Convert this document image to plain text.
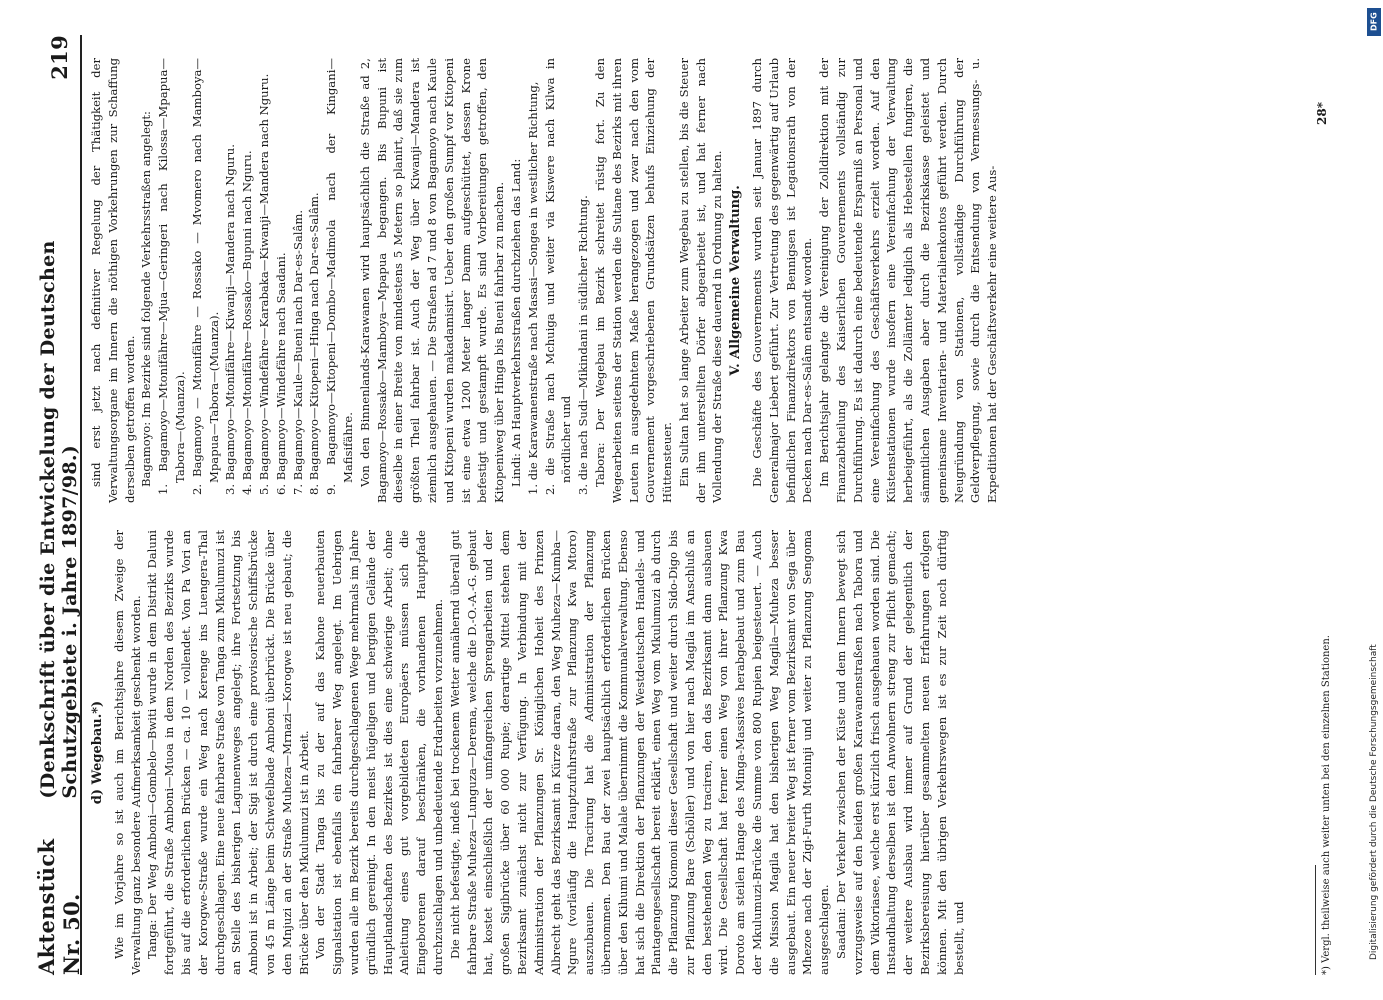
Aktenstück Nr. 50.
(Denkschrift über die Entwickelung der Deutschen Schutzgebiete i. Jahre 1897/98.)
219
d) Wegebau.*) Wie im Vorjahre so ist auch im Berichtsjahre diesem Zweige der Verwaltung ganz besondere Aufmerksamkeit geschenkt worden. Tanga: Der Weg Amboni—Gombelo—Bwiti wurde in dem Distrikt Daluni fortgeführt, die Straße Amboni—Muoa in dem Norden des Bezirks wurde bis auf die erforderlichen Brücken — ca. 10 — vollendet. Von Pa Vori an der Korogwe-Straße wurde ein Weg nach Kerenge ins Luengera-Thal durchgeschlagen. Eine neue fahrbare Straße von Tanga zum Mkulumuzi ist an Stelle des bisherigen Lagunenweges angelegt; ihre Fortsetzung bis Amboni ist in Arbeit; der Sigi ist durch eine provisorische Schiffsbrücke von 45 m Länge beim Schwefelbade Amboni überbrückt. Die Brücke über den Mnjuzi an der Straße Muheza—Mrnazi—Korogwe ist neu gebaut; die Brücke über den Mkulumuzi ist in Arbeit. Von der Stadt Tanga bis zu der auf das Kahone neuerbauten Signalstation ist ebenfalls ein fahrbarer Weg angelegt. Im Uebrigen wurden alle im Bezirk bereits durchgeschlagenen Wege mehrmals im Jahre gründlich gereinigt. In den meist hügeligen und bergigen Gelände der Hauptlandschaften des Bezirkes ist dies eine schwierige Arbeit; ohne Anleitung eines gut vorgebildeten Europäers müssen sich die Eingeborenen darauf beschränken, die vorhandenen Hauptpfade durchzuschlagen und unbedeutende Erdarbeiten vorzunehmen. Die nicht befestigte, indeß bei trockenem Wetter annähernd überall gut fahrbare Straße Muheza—Lunguza—Derema, welche die D.-O.-A.-G. gebaut hat, kostet einschließlich der umfangreichen Sprengarbeiten und der großen Sigibrücke über 60 000 Rupie; derartige Mittel stehen dem Bezirksamt zunächst nicht zur Verfügung. In Verbindung mit der Administration der Pflanzungen Sr. Königlichen Hoheit des Prinzen Albrecht geht das Bezirksamt in Kürze daran, den Weg Muheza—Kumba—Ngure (vorläufig die Hauptzufuhrstraße zur Pflanzung Kwa Mtoro) auszubauen. Die Tracirung hat die Administration der Pflanzung übernommen. Den Bau der zwei hauptsächlich erforderlichen Brücken über den Kihumi und Malale übernimmt die Kommunalverwaltung. Ebenso hat sich die Direktion der Pflanzungen der Westdeutschen Handels- und Plantagengesellschaft bereit erklärt, einen Weg vom Mkulumuzi ab durch die Pflanzung Kiomoni dieser Gesellschaft und weiter durch Sido-Digo bis zur Pflanzung Bare (Schöller) und von hier nach Magila im Anschluß an den bestehenden Weg zu traciren, den das Bezirksamt dann ausbauen wird. Die Gesellschaft hat ferner einen Weg von ihrer Pflanzung Kwa Doroto am steilen Hange des Minga-Massives herabgebaut und zum Bau der Mkulumuzi-Brücke die Summe von 800 Rupien beigesteuert. — Auch die Mission Magila hat den bisherigen Weg Magila—Muheza besser ausgebaut. Ein neuer breiter Weg ist ferner vom Bezirksamt von Sega über Mhezoe nach der Zigi-Furth Mtoninji und weiter zu Pflanzung Sengoma ausgeschlagen. Saadani: Der Verkehr zwischen der Küste und dem Innern bewegt sich vorzugsweise auf den beiden großen Karawanenstraßen nach Tabora und dem Viktoriasee, welche erst kürzlich frisch ausgehauen worden sind. Die Instandhaltung derselben ist den Anwohnern streng zur Pflicht gemacht; der weitere Ausbau wird immer auf Grund der gelegentlich der Bezirksbereisung hierüber gesammelten neuen Erfahrungen erfolgen können. Mit den übrigen Verkehrswegen ist es zur Zeit noch dürftig bestellt, und

sind erst jetzt nach definitiver Regelung der Thätigkeit der Verwaltungsorgane im Innern die nöthigen Vorkehrungen zur Schaffung derselben getroffen worden. Bagamoyo: Im Bezirke sind folgende Verkehrsstraßen angelegt: 1. Bagamoyo—Mtonifähre—Mjua—Geringeri nach Kilossa—Mpapua—Tabora—(Muanza). 2. Bagamoyo — Mtonifähre — Rossako — Mvomero nach Mamboya—Mpapua—Tabora—(Muanza). 3. Bagamoyo—Mtonifähre—Kiwanji—Mandera nach Nguru. 4. Bagamoyo—Mtonifähre—Rossako—Bupuni nach Nguru. 5. Bagamoyo—Windefähre—Karabaka—Kiwanji—Mandera nach Nguru. 6. Bagamoyo—Windefähre nach Saadani. 7. Bagamoyo—Kaule—Bueni nach Dar-es-Salâm. 8. Bagamoyo—Kitopeni—Hinga nach Dar-es-Salâm. 9. Bagamoyo—Kitopeni—Dombo—Madimola nach der Kingani—Mafisifähre. Von den Binnenlands-Karawanen wird hauptsächlich die Straße ad 2, Bagamoyo—Rossako—Mamboya—Mpapua begangen. Bis Bupuni ist dieselbe in einer Breite von mindestens 5 Metern so planirt, daß sie zum größten Theil fahrbar ist. Auch der Weg über Kiwanji—Mandera ist ziemlich ausgehauen. — Die Straßen ad 7 und 8 von Bagamoyo nach Kaule und Kitopeni wurden makadamisirt. Ueber den großen Sumpf vor Kitopeni ist eine etwa 1200 Meter langer Damm aufgeschüttet, dessen Krone befestigt und gestampft wurde. Es sind Vorbereitungen getroffen, den Kitopeniweg über Hinga bis Bueni fahrbar zu machen. Lindi: An Hauptverkehrsstraßen durchziehen das Land: 1. die Karawanenstraße nach Masasi—Songea in westlicher Richtung, 2. die Straße nach Mchuiga und weiter via Kiswere nach Kilwa in nördlicher und 3. die nach Sudi—Mikindani in südlicher Richtung. Tabora: Der Wegebau im Bezirk schreitet rüstig fort. Zu den Wegearbeiten seitens der Station werden die Sultane des Bezirks mit ihren Leuten in ausgedehntem Maße herangezogen und zwar nach den vom Gouvernement vorgeschriebenen Grundsätzen behufs Einziehung der Hüttensteuer. Ein Sultan hat so lange Arbeiter zum Wegebau zu stellen, bis die Steuer der ihm unterstellten Dörfer abgearbeitet ist, und hat ferner nach Vollendung der Straße diese dauernd in Ordnung zu halten. V. Allgemeine Verwaltung. Die Geschäfte des Gouvernements wurden seit Januar 1897 durch Generalmajor Liebert geführt. Zur Vertretung des gegenwärtig auf Urlaub befindlichen Finanzdirektors von Bennigsen ist Legationsrath von der Decken nach Dar-es-Salâm entsandt worden. Im Berichtsjahr gelangte die Vereinigung der Zolldirektion mit der Finanzabtheilung des Kaiserlichen Gouvernements vollständig zur Durchführung. Es ist dadurch eine bedeutende Ersparniß an Personal und eine Vereinfachung des Geschäftsverkehrs erzielt worden. Auf den Küstenstationen wurde insofern eine Vereinfachung der Verwaltung herbeigeführt, als die Zollämter lediglich als Hebestellen fungiren, die sämmtlichen Ausgaben aber durch die Bezirkskasse geleistet und gemeinsame Inventarien- und Materialienkontos geführt werden. Durch Neugründung von Stationen, vollständige Durchführung der Geldverpflegung, sowie durch die Entsendung von Vermessungs- u. Expeditionen hat der Geschäftsverkehr eine weitere Aus-

*) Vergl. theilweise auch weiter unten bei den einzelnen Stationen.
28*
Digitalisierung gefördert durch die Deutsche Forschungsgemeinschaft
DFG
